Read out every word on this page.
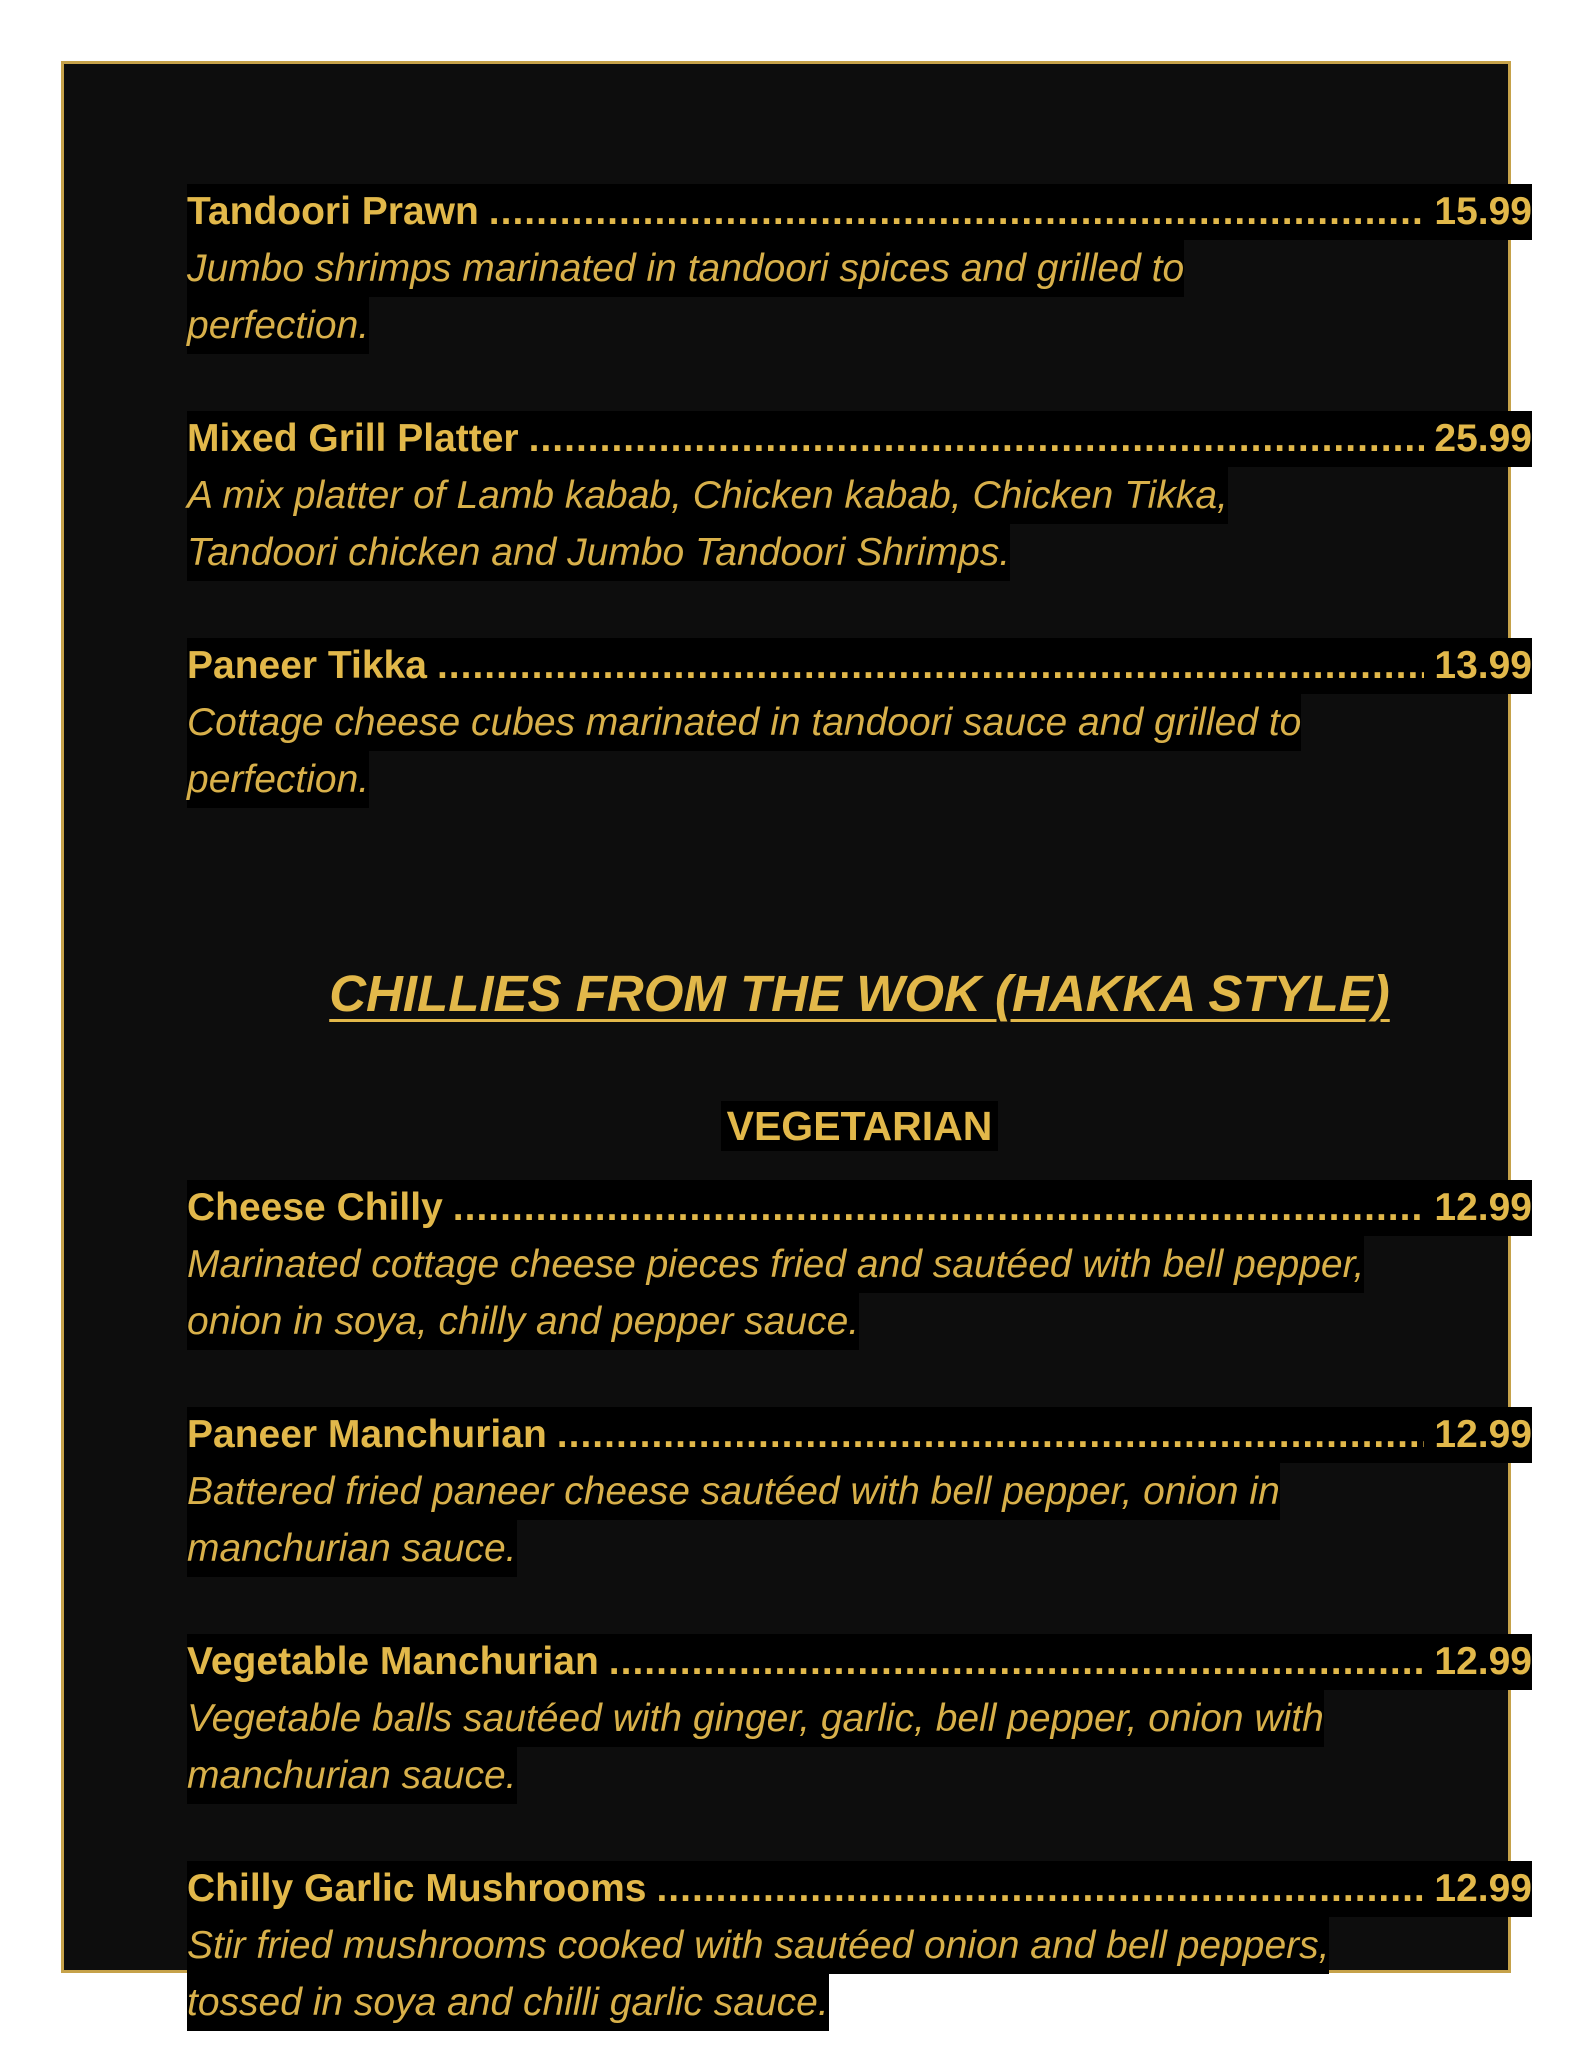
Tandoori Prawn .....	15.99
Jumbo shrimps marinated in tandoori spices and grilled to
perfection.
Mixed Grill Platter .....	25.99
A mix platter of Lamb kabab, Chicken kabab, Chicken Tikka,
Tandoori chicken and Jumbo Tandoori Shrimps.
Paneer Tikka .....	13.99
Cottage cheese cubes marinated in tandoori sauce and grilled to
perfection.
CHILLIES FROM THE WOK (HAKKA STYLE)
VEGETARIAN
Cheese Chilly .....	12.99
Marinated cottage cheese pieces fried and sautéed with bell pepper,
onion in soya, chilly and pepper sauce.
Paneer Manchurian .....	12.99
Battered fried paneer cheese sautéed with bell pepper, onion in
manchurian sauce.
Vegetable Manchurian .....	12.99
Vegetable balls sautéed with ginger, garlic, bell pepper, onion with
manchurian sauce.
Chilly Garlic Mushrooms .....	12.99
Stir fried mushrooms cooked with sautéed onion and bell peppers,
tossed in soya and chilli garlic sauce.
